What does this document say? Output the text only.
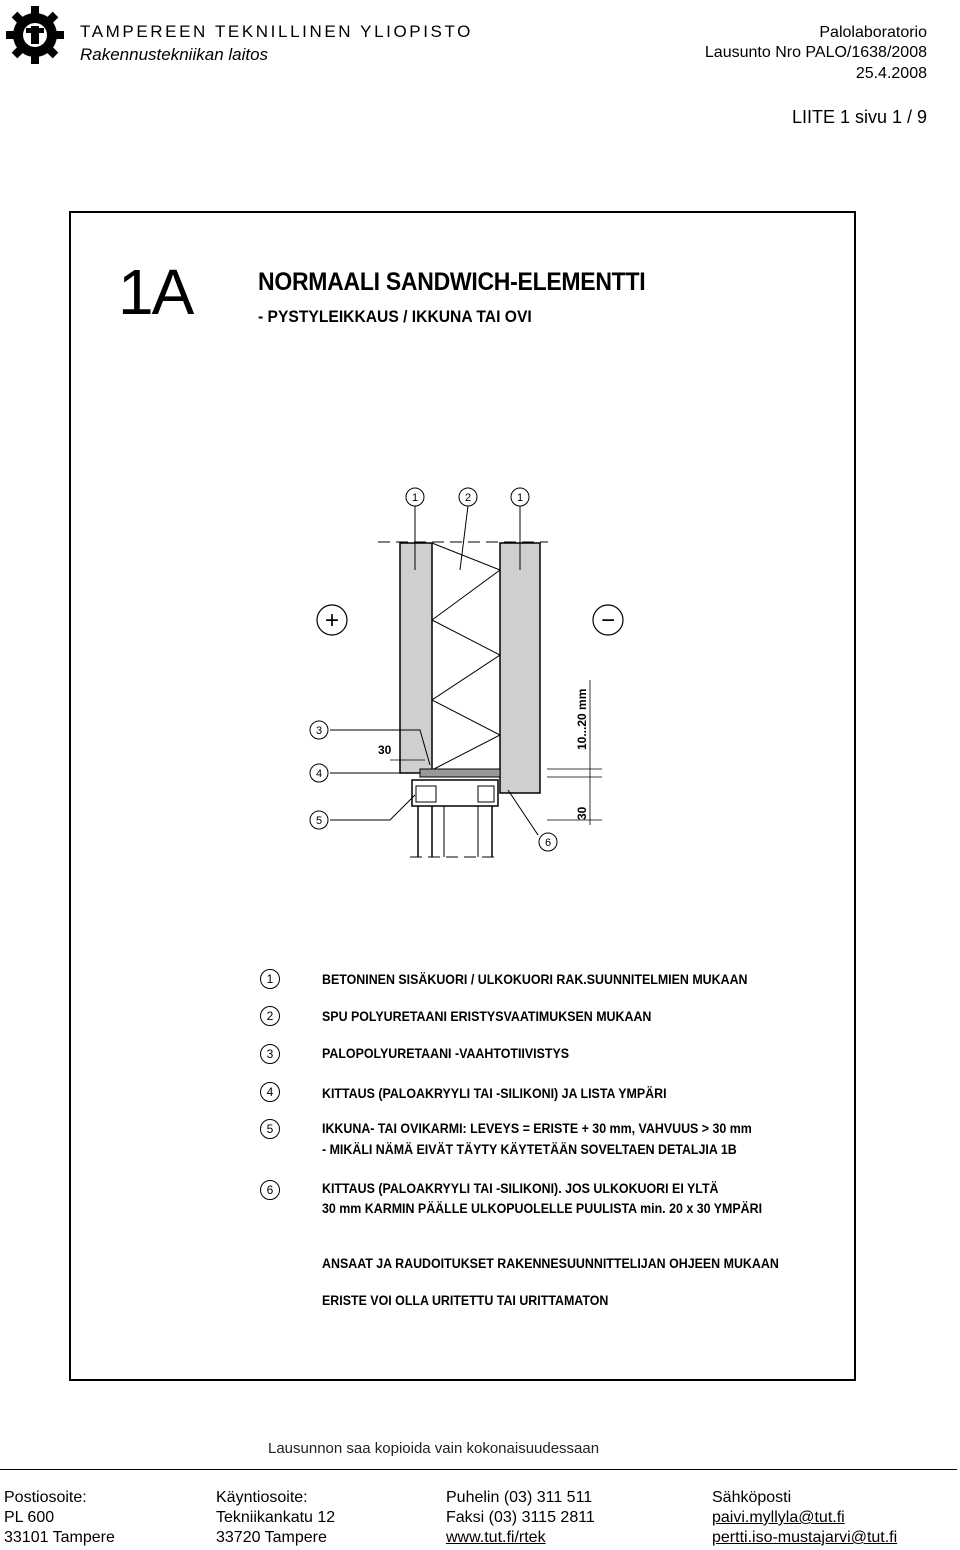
TAMPEREEN TEKNILLINEN YLIOPISTO
Rakennustekniikan laitos
Palolaboratorio
Lausunto Nro PALO/1638/2008
25.4.2008
LIITE 1 sivu 1 / 9
1A	NORMAALI SANDWICH-ELEMENTTI
- PYSTYLEIKKAUS / IKKUNA TAI OVI
1	2	1
3
4
5
6
+	−
30	10...20 mm
30
1	BETONINEN SISÄKUORI / ULKOKUORI RAK.SUUNNITELMIEN MUKAAN
2	SPU POLYURETAANI ERISTYSVAATIMUKSEN MUKAAN
3	PALOPOLYURETAANI -VAAHTOTIIVISTYS
4	KITTAUS (PALOAKRYYLI TAI -SILIKONI) JA LISTA YMPÄRI
5	IKKUNA- TAI OVIKARMI: LEVEYS = ERISTE + 30 mm, VAHVUUS > 30 mm
- MIKÄLI NÄMÄ EIVÄT TÄYTY KÄYTETÄÄN SOVELTAEN DETALJIA 1B
6	KITTAUS (PALOAKRYYLI TAI -SILIKONI). JOS ULKOKUORI EI YLTÄ
30 mm KARMIN PÄÄLLE ULKOPUOLELLE PUULISTA min. 20 x 30 YMPÄRI
ANSAAT JA RAUDOITUKSET RAKENNESUUNNITTELIJAN OHJEEN MUKAAN
ERISTE VOI OLLA URITETTU TAI URITTAMATON
Lausunnon saa kopioida vain kokonaisuudessaan
Postiosoite:
PL 600
33101 Tampere
Käyntiosoite:
Tekniikankatu 12
33720 Tampere
Puhelin (03) 311 511
Faksi (03) 3115 2811
www.tut.fi/rtek
Sähköposti
paivi.myllyla@tut.fi
pertti.iso-mustajarvi@tut.fi
